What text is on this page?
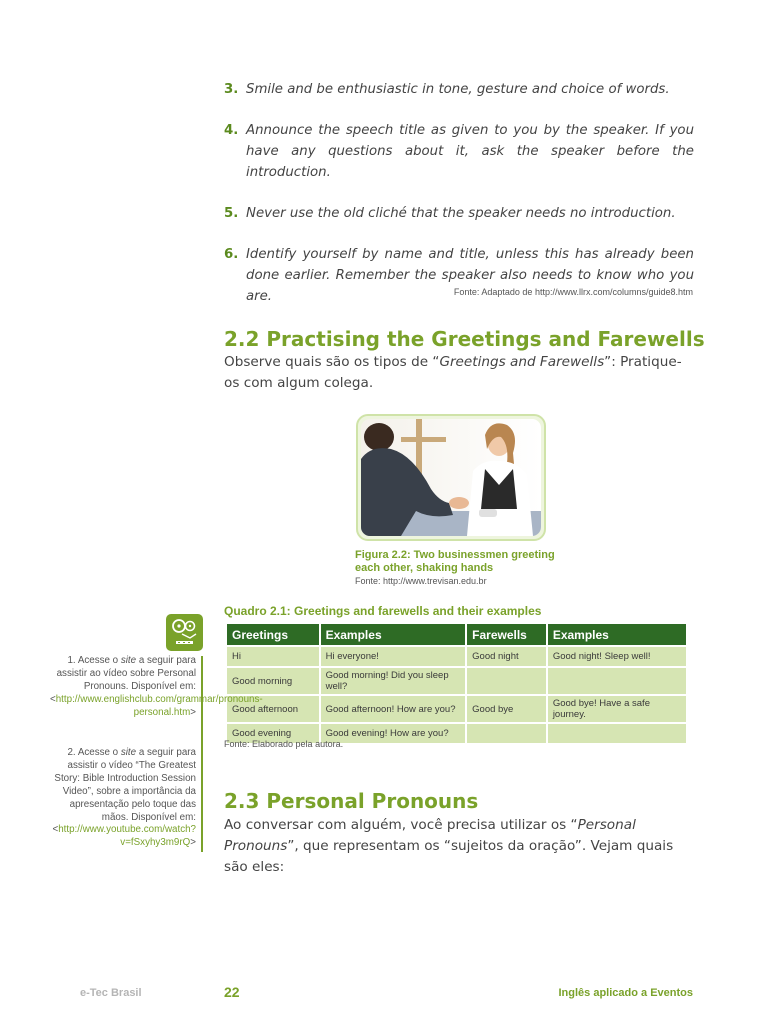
3. Smile and be enthusiastic in tone, gesture and choice of words.
4. Announce the speech title as given to you by the speaker. If you have any questions about it, ask the speaker before the introduction.
5. Never use the old cliché that the speaker needs no introduction.
6. Identify yourself by name and title, unless this has already been done earlier. Remember the speaker also needs to know who you are.	Fonte: Adaptado de http://www.llrx.com/columns/guide8.htm
2.2 Practising the Greetings and Farewells

Observe quais são os tipos de “Greetings and Farewells”: Pratique-os com algum colega.

Figura 2.2: Two businessmen greeting each other, shaking hands

Fonte: http://www.trevisan.edu.br
Quadro 2.1: Greetings and farewells and their examples
Greetings	Examples	Farewells	Examples
Hi	Hi everyone!	Good night	Good night! Sleep well!
Good morning	Good morning! Did you sleep well?		
Good afternoon	Good afternoon! How are you?	Good bye	Good bye! Have a safe journey.
Good evening	Good evening! How are you?		
Fonte: Elaborado pela autora.

1. Acesse o site a seguir para assistir ao vídeo sobre Personal Pronouns. Disponível em: <http://www.englishclub.com/grammar/pronouns-personal.htm>

2. Acesse o site a seguir para assistir o vídeo “The Greatest Story: Bible Introduction Session Video”, sobre a importância da apresentação pelo toque das mãos. Disponível em: <http://www.youtube.com/watch?v=fSxyhy3m9rQ>

2.3 Personal Pronouns

Ao conversar com alguém, você precisa utilizar os “Personal Pronouns”, que representam os “sujeitos da oração”. Vejam quais são eles:

e-Tec Brasil	22	Inglês aplicado a Eventos
